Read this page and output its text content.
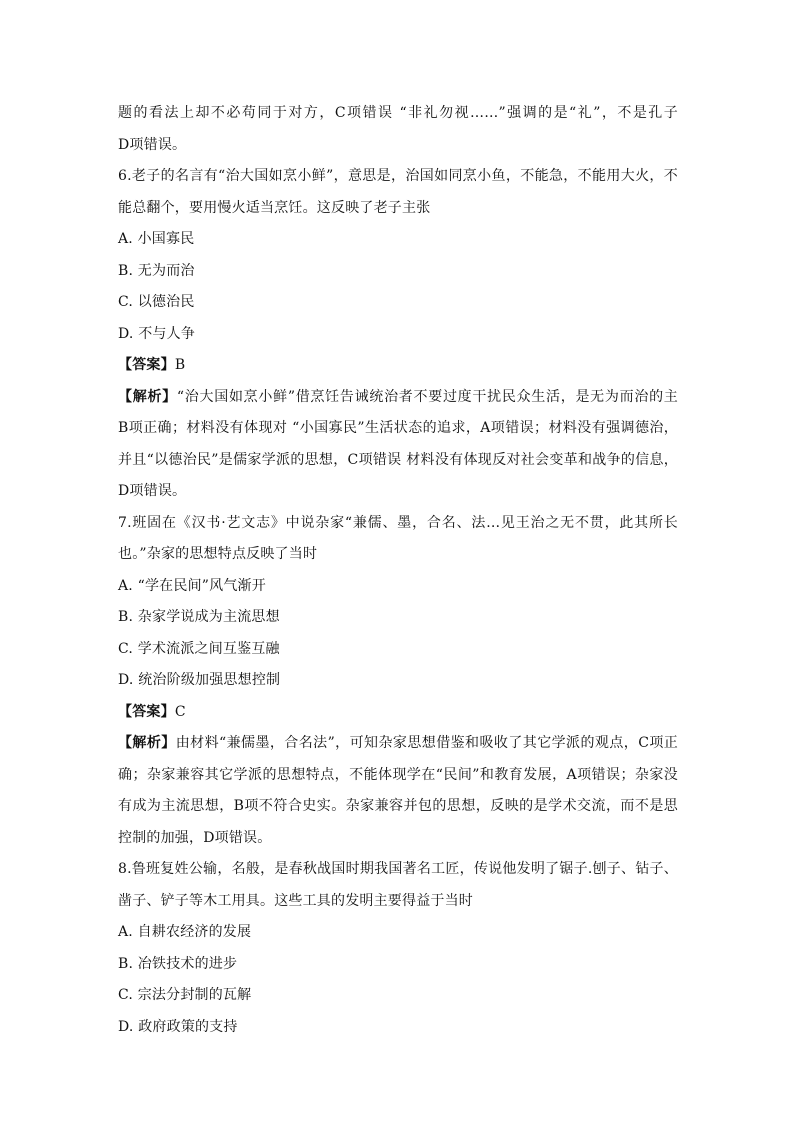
题的看法上却不必苟同于对方，C项错误 “非礼勿视……”强调的是“礼”，不是孔子
D项错误。
6.老子的名言有“治大国如烹小鲜”，意思是，治国如同烹小鱼，不能急，不能用大火，不
能总翻个，要用慢火适当烹饪。这反映了老子主张
A. 小国寡民
B. 无为而治
C. 以德治民
D. 不与人争
【答案】B
【解析】“治大国如烹小鲜”借烹饪告诫统治者不要过度干扰民众生活，是无为而治的主
B项正确；材料没有体现对 “小国寡民”生活状态的追求，A项错误；材料没有强调德治，
并且“以德治民”是儒家学派的思想，C项错误 材料没有体现反对社会变革和战争的信息，
D项错误。
7.班固在《汉书·艺文志》中说杂家“兼儒、墨，合名、法…见王治之无不贯，此其所长
也。”杂家的思想特点反映了当时
A. “学在民间”风气渐开
B. 杂家学说成为主流思想
C. 学术流派之间互鉴互融
D. 统治阶级加强思想控制
【答案】C
【解析】由材料“兼儒墨，合名法”，可知杂家思想借鉴和吸收了其它学派的观点，C项正
确；杂家兼容其它学派的思想特点，不能体现学在“民间”和教育发展，A项错误；杂家没
有成为主流思想，B项不符合史实。杂家兼容并包的思想，反映的是学术交流，而不是思
控制的加强，D项错误。
8.鲁班复姓公输，名般，是春秋战国时期我国著名工匠，传说他发明了锯子.刨子、钻子、
凿子、铲子等木工用具。这些工具的发明主要得益于当时
A. 自耕农经济的发展
B. 冶铁技术的进步
C. 宗法分封制的瓦解
D. 政府政策的支持
